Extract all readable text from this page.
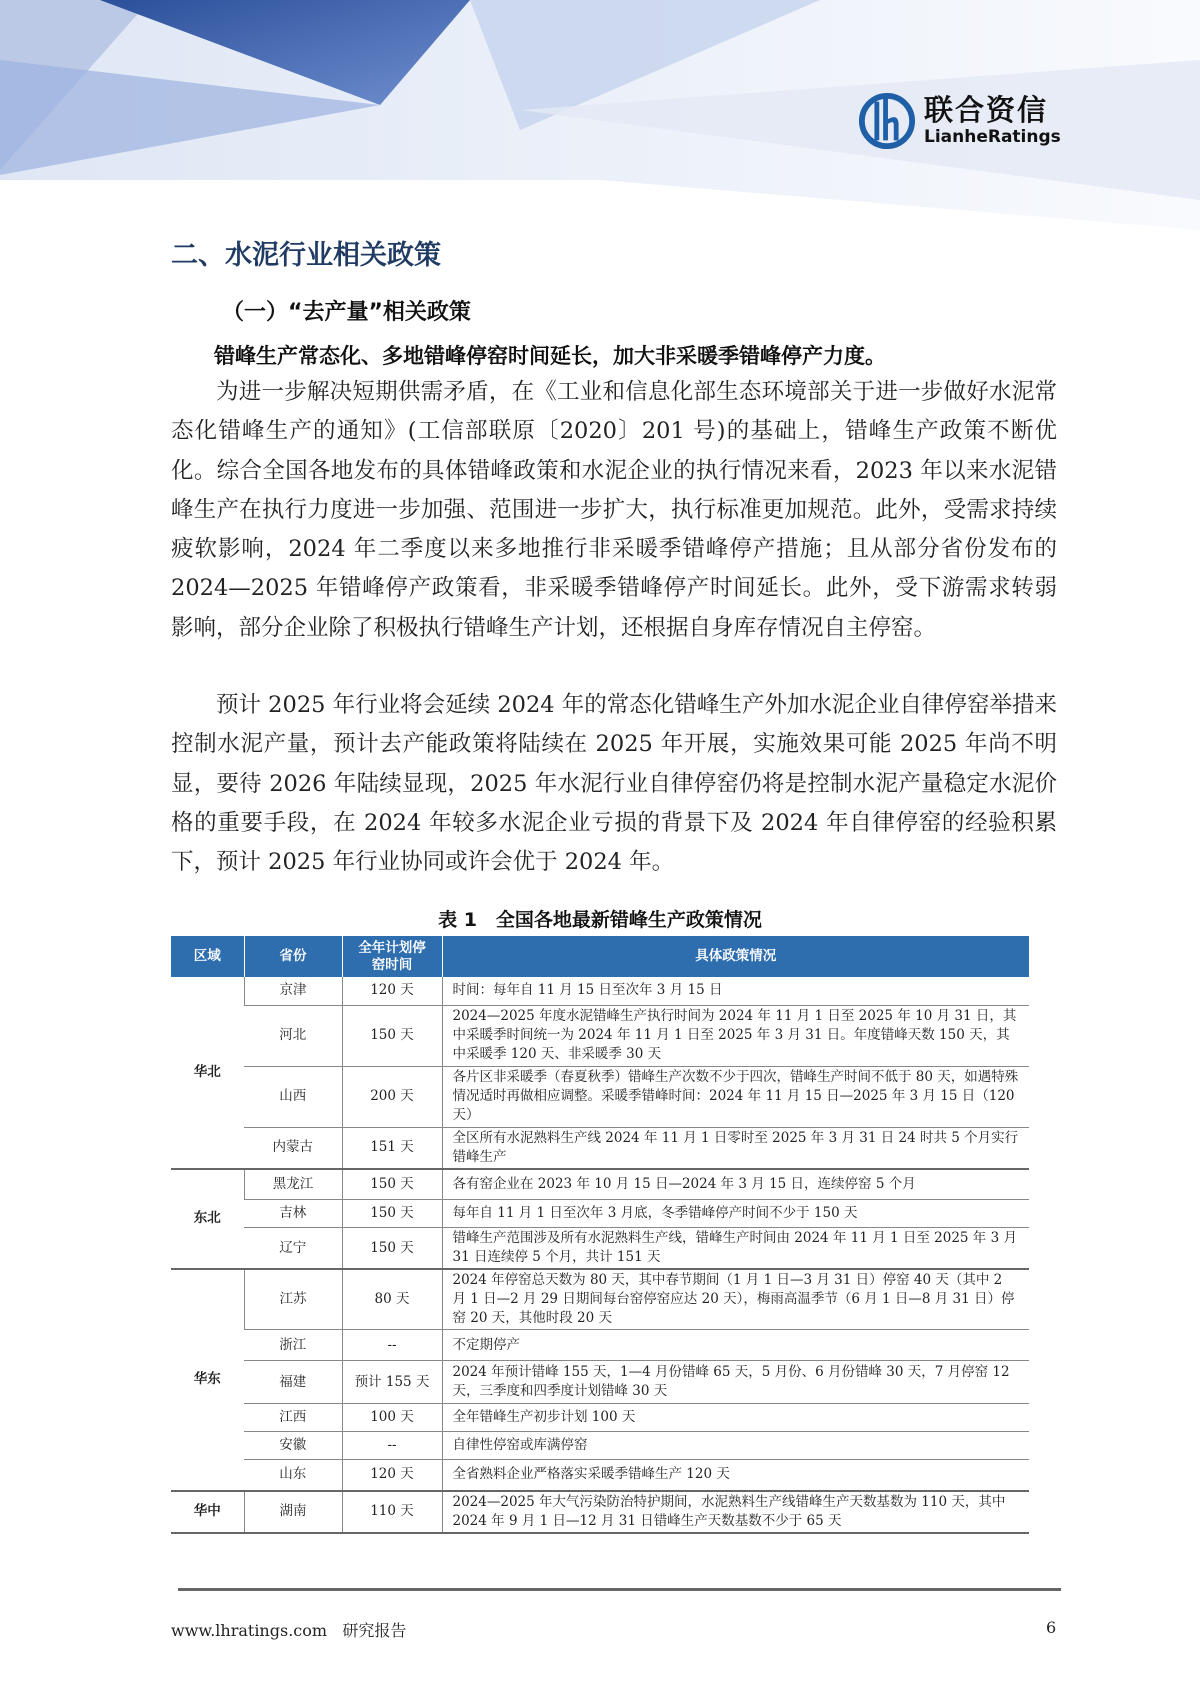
联合资信
LianheRatings
二、水泥行业相关政策
（一）“去产量”相关政策
错峰生产常态化、多地错峰停窑时间延长，加大非采暖季错峰停产力度。

为进一步解决短期供需矛盾，在《工业和信息化部生态环境部关于进一步做好水泥常态化错峰生产的通知》(工信部联原〔2020〕201 号)的基础上，错峰生产政策不断优化。综合全国各地发布的具体错峰政策和水泥企业的执行情况来看，2023 年以来水泥错峰生产在执行力度进一步加强、范围进一步扩大，执行标准更加规范。此外，受需求持续疲软影响，2024 年二季度以来多地推行非采暖季错峰停产措施；且从部分省份发布的 2024—2025 年错峰停产政策看，非采暖季错峰停产时间延长。此外，受下游需求转弱影响，部分企业除了积极执行错峰生产计划，还根据自身库存情况自主停窑。

预计 2025 年行业将会延续 2024 年的常态化错峰生产外加水泥企业自律停窑举措来控制水泥产量，预计去产能政策将陆续在 2025 年开展，实施效果可能 2025 年尚不明显，要待 2026 年陆续显现，2025 年水泥行业自律停窑仍将是控制水泥产量稳定水泥价格的重要手段，在 2024 年较多水泥企业亏损的背景下及 2024 年自律停窑的经验积累下，预计 2025 年行业协同或许会优于 2024 年。

表 1　全国各地最新错峰生产政策情况
区域	省份	全年计划停窑时间	具体政策情况
华北	京津	120 天	时间：每年自 11 月 15 日至次年 3 月 15 日
	河北	150 天	2024—2025 年度水泥错峰生产执行时间为 2024 年 11 月 1 日至 2025 年 10 月 31 日，其中采暖季时间统一为 2024 年 11 月 1 日至 2025 年 3 月 31 日。年度错峰天数 150 天，其中采暖季 120 天、非采暖季 30 天
	山西	200 天	各片区非采暖季（春夏秋季）错峰生产次数不少于四次，错峰生产时间不低于 80 天，如遇特殊情况适时再做相应调整。采暖季错峰时间：2024 年 11 月 15 日—2025 年 3 月 15 日（120 天）
	内蒙古	151 天	全区所有水泥熟料生产线 2024 年 11 月 1 日零时至 2025 年 3 月 31 日 24 时共 5 个月实行错峰生产
东北	黑龙江	150 天	各有窑企业在 2023 年 10 月 15 日—2024 年 3 月 15 日，连续停窑 5 个月
	吉林	150 天	每年自 11 月 1 日至次年 3 月底，冬季错峰停产时间不少于 150 天
	辽宁	150 天	错峰生产范围涉及所有水泥熟料生产线，错峰生产时间由 2024 年 11 月 1 日至 2025 年 3 月 31 日连续停 5 个月，共计 151 天
华东	江苏	80 天	2024 年停窑总天数为 80 天，其中春节期间（1 月 1 日—3 月 31 日）停窑 40 天（其中 2 月 1 日—2 月 29 日期间每台窑停窑应达 20 天），梅雨高温季节（6 月 1 日—8 月 31 日）停窑 20 天，其他时段 20 天
	浙江	--	不定期停产
	福建	预计 155 天	2024 年预计错峰 155 天，1—4 月份错峰 65 天，5 月份、6 月份错峰 30 天，7 月停窑 12 天，三季度和四季度计划错峰 30 天
	江西	100 天	全年错峰生产初步计划 100 天
	安徽	--	自律性停窑或库满停窑
	山东	120 天	全省熟料企业严格落实采暖季错峰生产 120 天
华中	湖南	110 天	2024—2025 年大气污染防治特护期间，水泥熟料生产线错峰生产天数基数为 110 天，其中 2024 年 9 月 1 日—12 月 31 日错峰生产天数基数不少于 65 天
www.lhratings.com 研究报告	6
